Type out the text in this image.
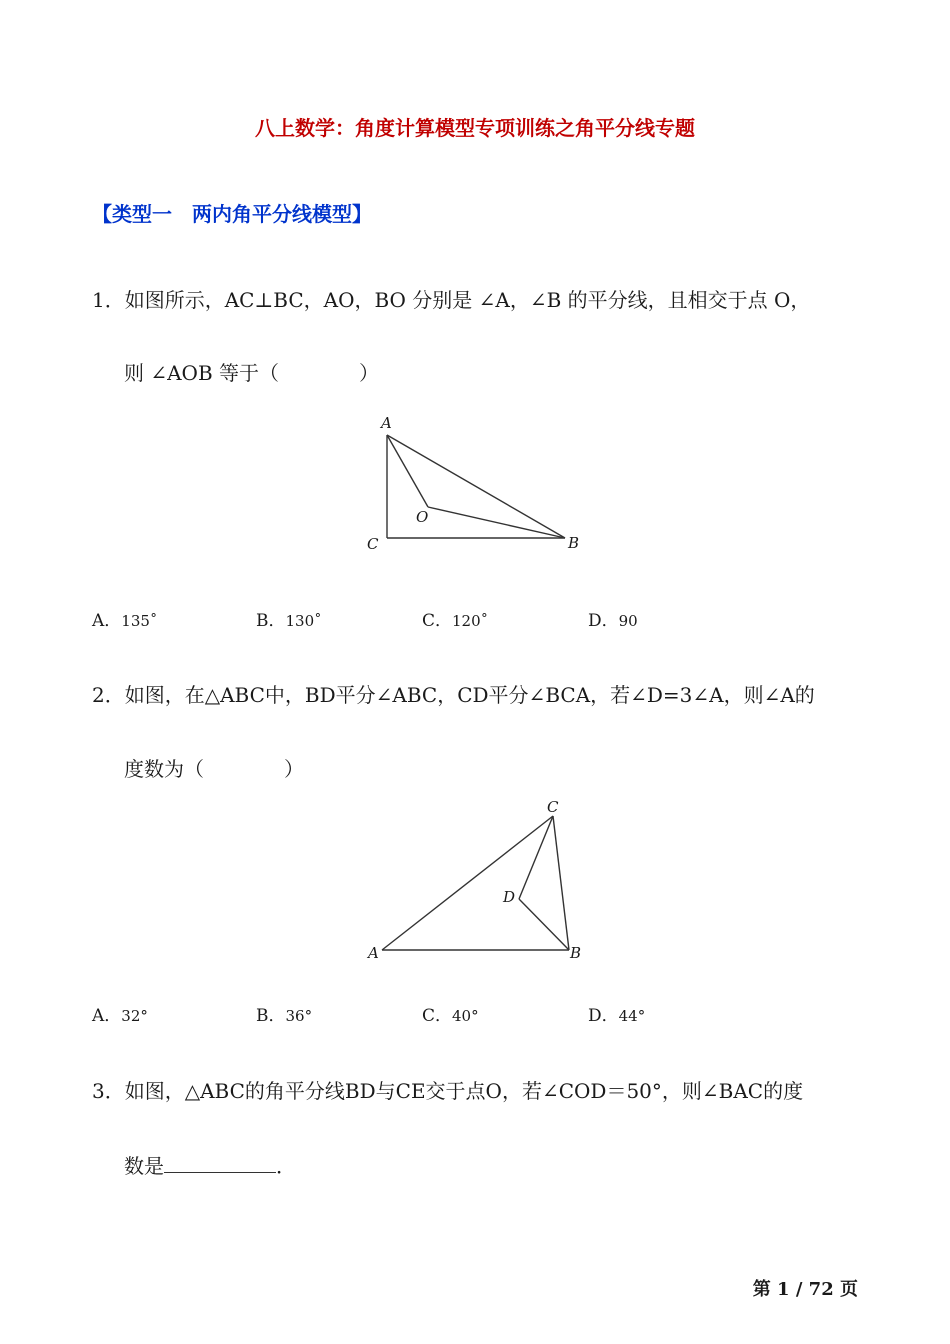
八上数学：角度计算模型专项训练之角平分线专题
【类型一　两内角平分线模型】
1．如图所示，AC⊥BC，AO，BO 分别是 ∠A，∠B 的平分线，且相交于点 O，
则 ∠AOB 等于（　　　　）
A
C
O
B
A．135˚	B．130˚	C．120˚	D．90
2．如图，在△ABC中，BD平分∠ABC，CD平分∠BCA，若∠D=3∠A，则∠A的
度数为（　　　　）
C
D
A	B
A．32°	B．36°	C．40°	D．44°
3．如图，△ABC的角平分线BD与CE交于点O，若∠COD＝50°，则∠BAC的度
数是	．
第 1 / 72 页
